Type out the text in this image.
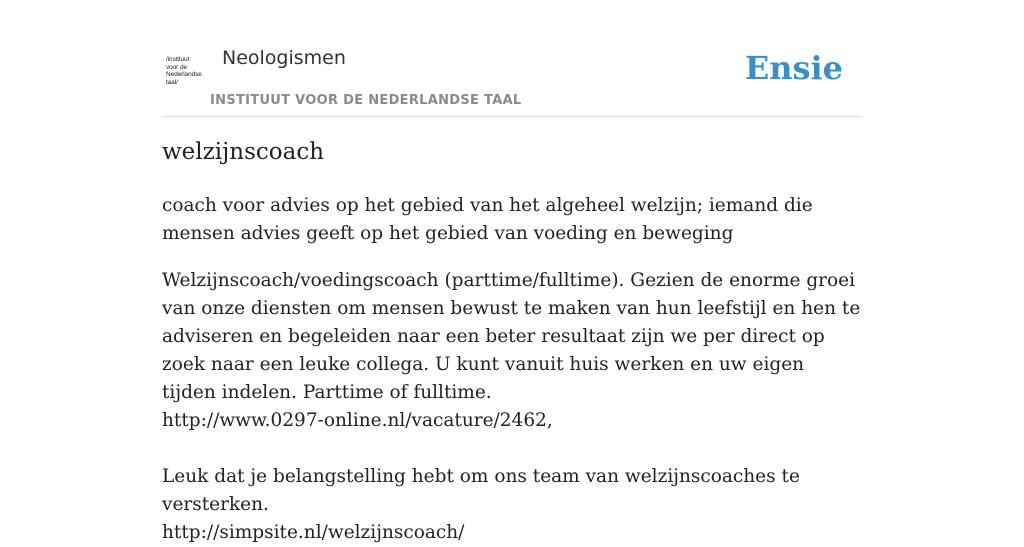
/instituut
voor de
Nederlandse
taal/
Neologismen
INSTITUUT VOOR DE NEDERLANDSE TAAL
Ensie
welzijnscoach

coach voor advies op het gebied van het algeheel welzijn; iemand die mensen advies geeft op het gebied van voeding en beweging

Welzijnscoach/voedingscoach (parttime/fulltime). Gezien de enorme groei van onze diensten om mensen bewust te maken van hun leefstijl en hen te adviseren en begeleiden naar een beter resultaat zijn we per direct op zoek naar een leuke collega. U kunt vanuit huis werken en uw eigen tijden indelen. Parttime of fulltime.
http://www.0297-online.nl/vacature/2462,
Leuk dat je belangstelling hebt om ons team van welzijnscoaches te versterken.
http://simpsite.nl/welzijnscoach/
